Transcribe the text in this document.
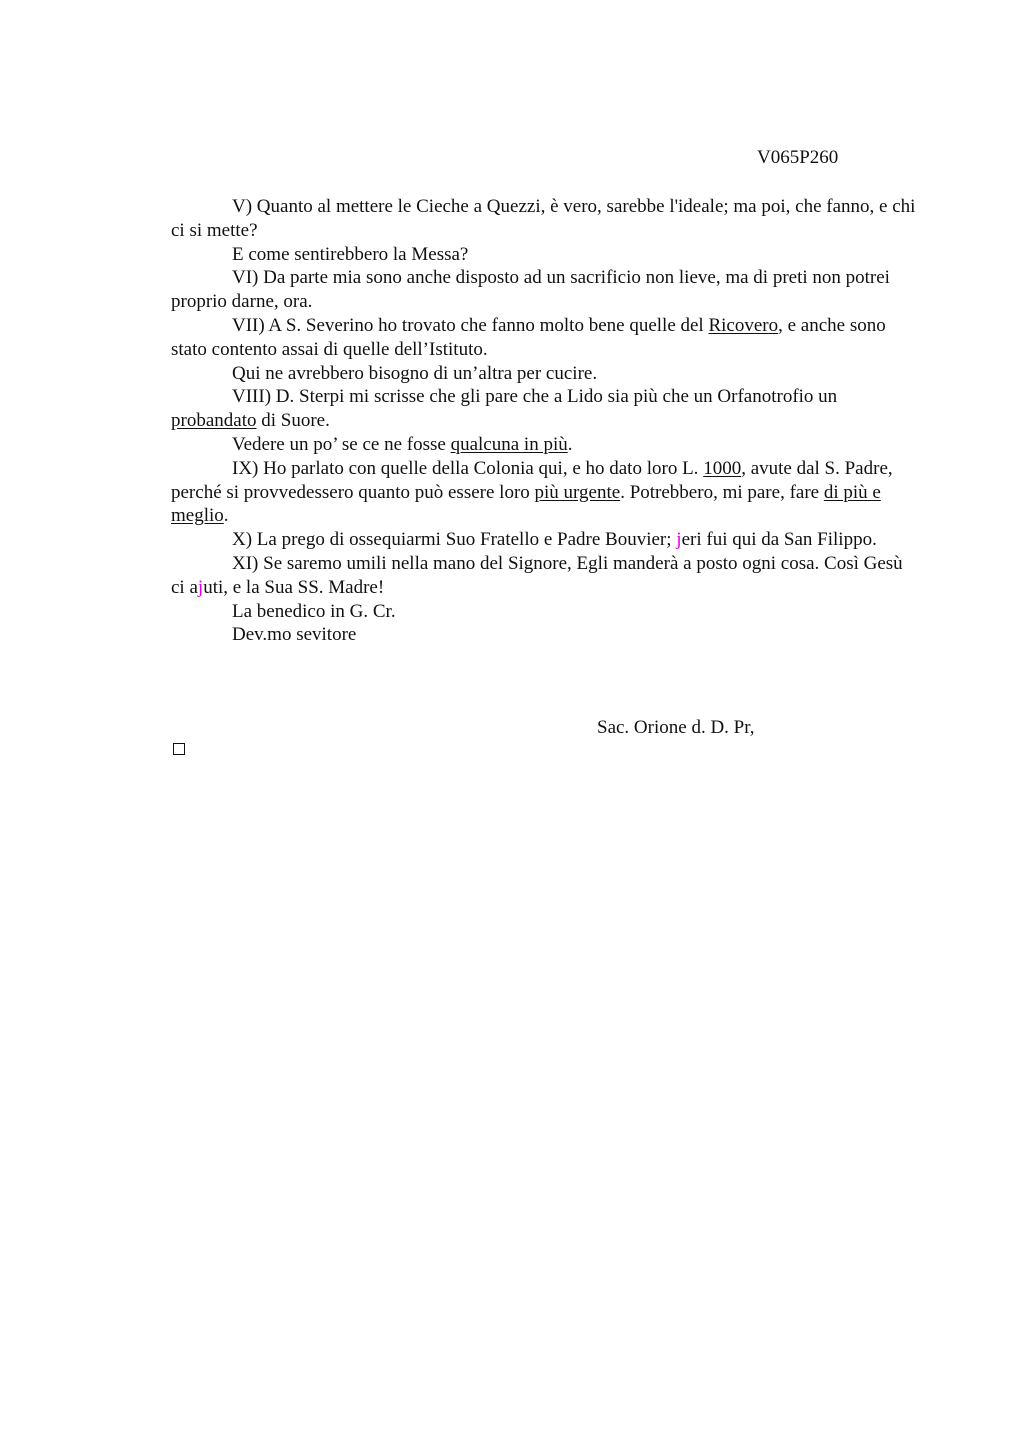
V065P260

V) Quanto al mettere le Cieche a Quezzi, è vero, sarebbe l'ideale; ma poi, che fanno, e chi ci si mette?

E come sentirebbero la Messa?

VI) Da parte mia sono anche disposto ad un sacrificio non lieve, ma di preti non potrei proprio darne, ora.

VII) A S. Severino ho trovato che fanno molto bene quelle del Ricovero, e anche sono stato contento assai di quelle dell’Istituto.

Qui ne avrebbero bisogno di un’altra per cucire.

VIII) D. Sterpi mi scrisse che gli pare che a Lido sia più che un Orfanotrofio un probandato di Suore.

Vedere un po’ se ce ne fosse qualcuna in più.

IX) Ho parlato con quelle della Colonia qui, e ho dato loro L. 1000, avute dal S. Padre, perché si provvedessero quanto può essere loro più urgente. Potrebbero, mi pare, fare di più e meglio.

X) La prego di ossequiarmi Suo Fratello e Padre Bouvier; jeri fui qui da San Filippo.

XI) Se saremo umili nella mano del Signore, Egli manderà a posto ogni cosa. Così Gesù ci ajuti, e la Sua SS. Madre!

La benedico in G. Cr.

Dev.mo sevitore

Sac. Orione d. D. Pr,
